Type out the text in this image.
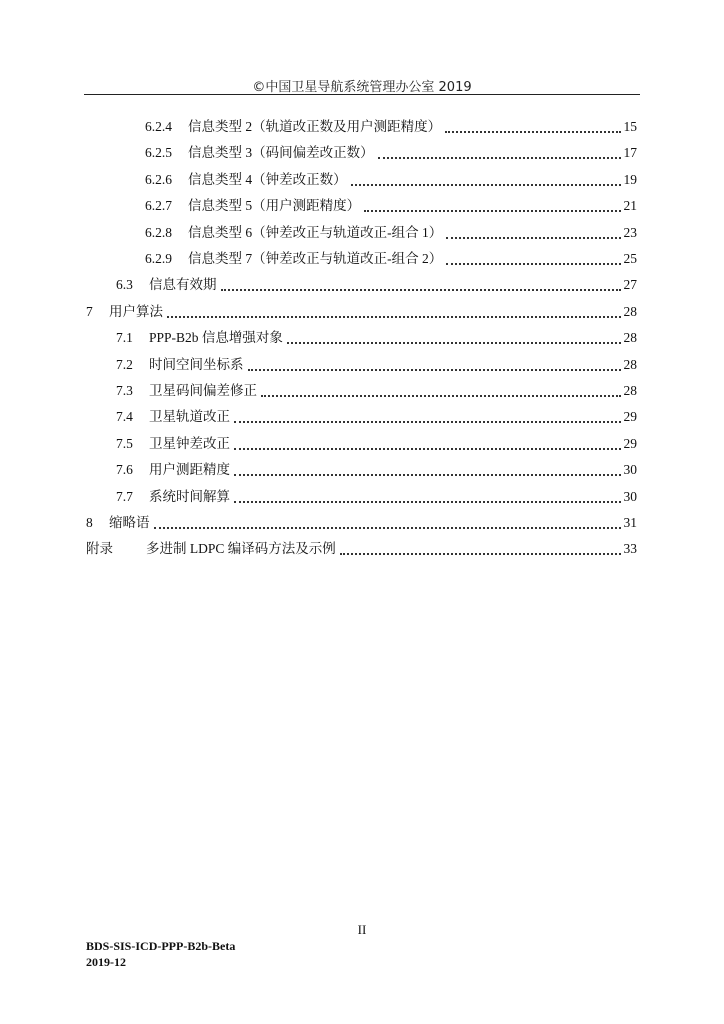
©中国卫星导航系统管理办公室 2019
6.2.4	信息类型 2（轨道改正数及用户测距精度）	15
6.2.5	信息类型 3（码间偏差改正数）	17
6.2.6	信息类型 4（钟差改正数）	19
6.2.7	信息类型 5（用户测距精度）	21
6.2.8	信息类型 6（钟差改正与轨道改正-组合 1）	23
6.2.9	信息类型 7（钟差改正与轨道改正-组合 2）	25
6.3	信息有效期	27
7	用户算法	28
7.1	PPP-B2b 信息增强对象	28
7.2	时间空间坐标系	28
7.3	卫星码间偏差修正	28
7.4	卫星轨道改正	29
7.5	卫星钟差改正	29
7.6	用户测距精度	30
7.7	系统时间解算	30
8	缩略语	31
附录	多进制 LDPC 编译码方法及示例	33
II
BDS-SIS-ICD-PPP-B2b-Beta
2019-12
